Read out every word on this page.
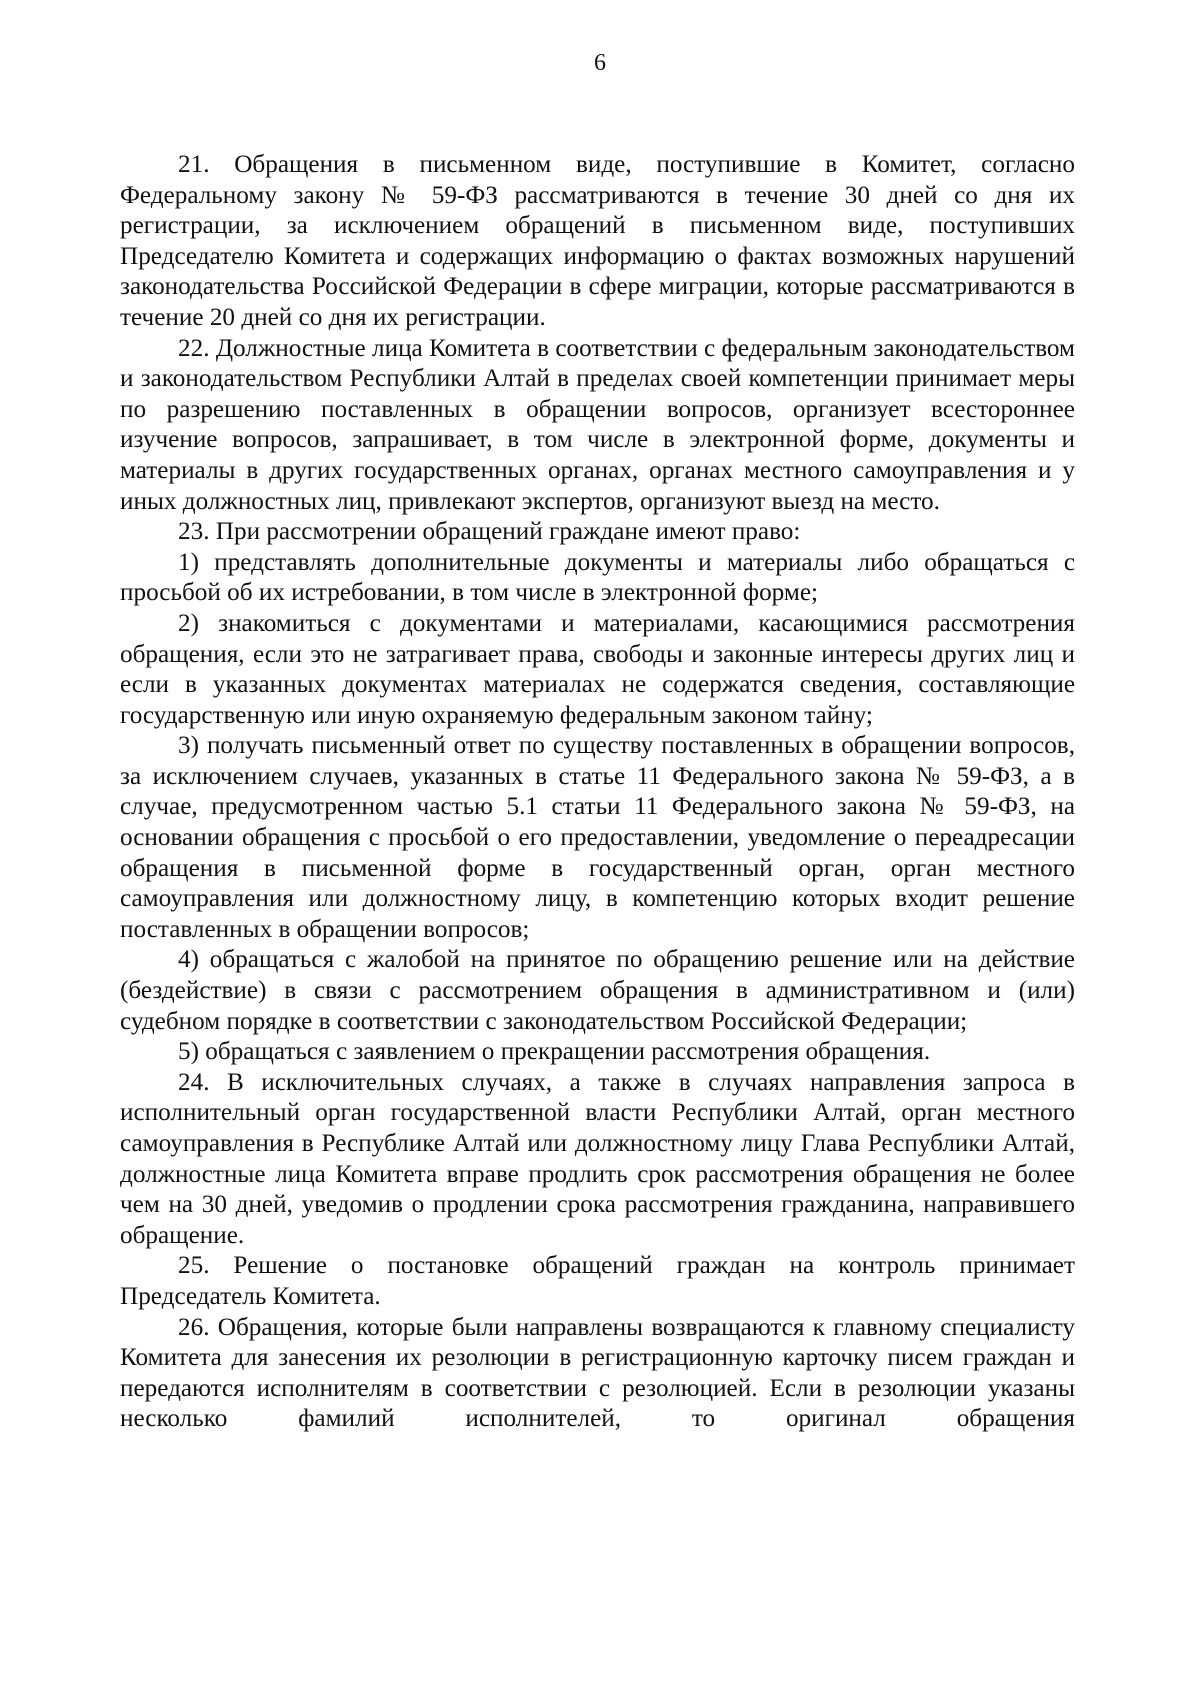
6

21. Обращения в письменном виде, поступившие в Комитет, согласно Федеральному закону № 59-ФЗ рассматриваются в течение 30 дней со дня их регистрации, за исключением обращений в письменном виде, поступивших Председателю Комитета и содержащих информацию о фактах возможных нарушений законодательства Российской Федерации в сфере миграции, которые рассматриваются в течение 20 дней со дня их регистрации.

22. Должностные лица Комитета в соответствии с федеральным законодательством и законодательством Республики Алтай в пределах своей компетенции принимает меры по разрешению поставленных в обращении вопросов, организует всестороннее изучение вопросов, запрашивает, в том числе в электронной форме, документы и материалы в других государственных органах, органах местного самоуправления и у иных должностных лиц, привлекают экспертов, организуют выезд на место.

23. При рассмотрении обращений граждане имеют право:

1) представлять дополнительные документы и материалы либо обращаться с просьбой об их истребовании, в том числе в электронной форме;

2) знакомиться с документами и материалами, касающимися рассмотрения обращения, если это не затрагивает права, свободы и законные интересы других лиц и если в указанных документах материалах не содержатся сведения, составляющие государственную или иную охраняемую федеральным законом тайну;

3) получать письменный ответ по существу поставленных в обращении вопросов, за исключением случаев, указанных в статье 11 Федерального закона № 59-ФЗ, а в случае, предусмотренном частью 5.1 статьи 11 Федерального закона № 59-ФЗ, на основании обращения с просьбой о его предоставлении, уведомление о переадресации обращения в письменной форме в государственный орган, орган местного самоуправления или должностному лицу, в компетенцию которых входит решение поставленных в обращении вопросов;

4) обращаться с жалобой на принятое по обращению решение или на действие (бездействие) в связи с рассмотрением обращения в административном и (или) судебном порядке в соответствии с законодательством Российской Федерации;

5) обращаться с заявлением о прекращении рассмотрения обращения.

24. В исключительных случаях, а также в случаях направления запроса в исполнительный орган государственной власти Республики Алтай, орган местного самоуправления в Республике Алтай или должностному лицу Глава Республики Алтай, должностные лица Комитета вправе продлить срок рассмотрения обращения не более чем на 30 дней, уведомив о продлении срока рассмотрения гражданина, направившего обращение.

25. Решение о постановке обращений граждан на контроль принимает Председатель Комитета.

26. Обращения, которые были направлены возвращаются к главному специалисту Комитета для занесения их резолюции в регистрационную карточку писем граждан и передаются исполнителям в соответствии с резолюцией. Если в резолюции указаны несколько фамилий исполнителей, то оригинал обращения
